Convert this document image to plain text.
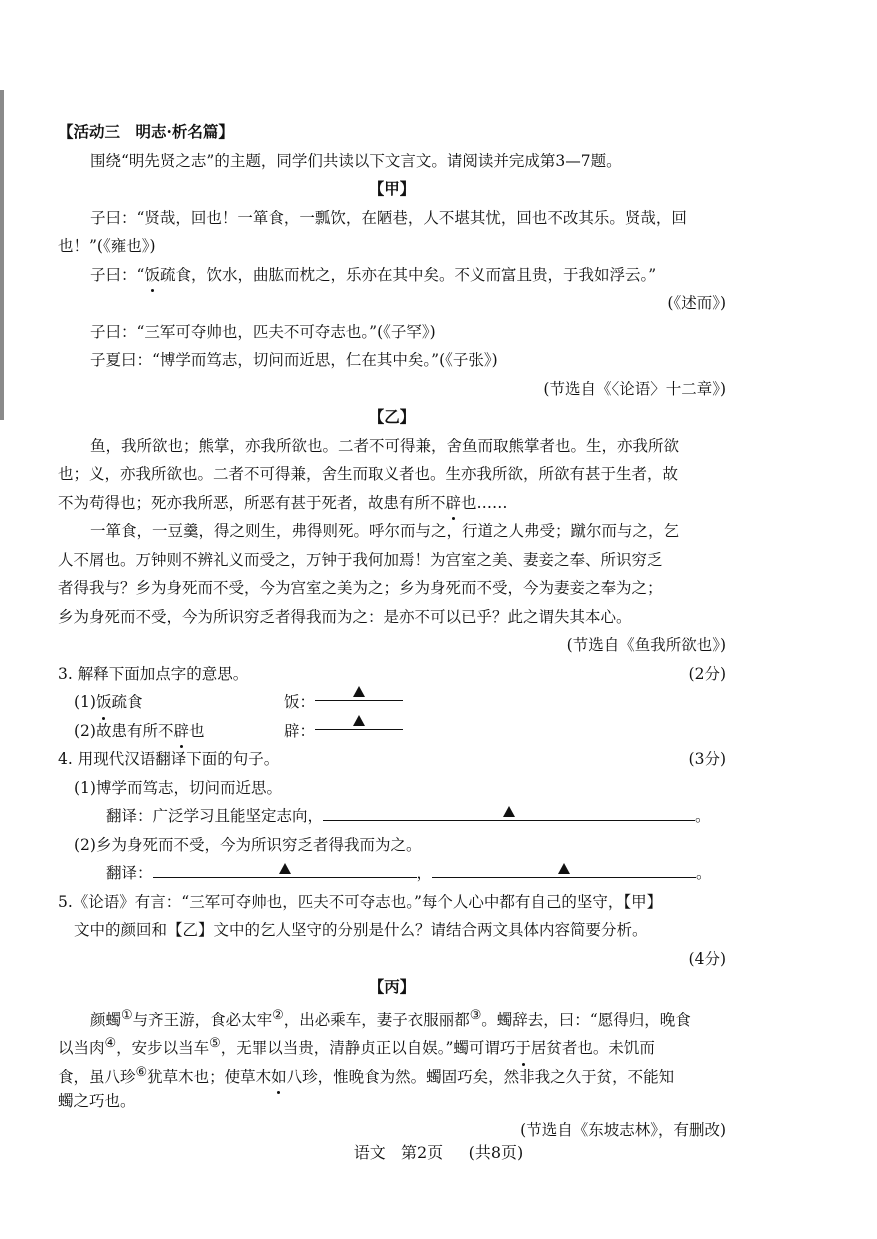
【活动三　明志·析名篇】
围绕“明先贤之志”的主题，同学们共读以下文言文。请阅读并完成第3—7题。
【甲】
子曰：“贤哉，回也！一箪食，一瓢饮，在陋巷，人不堪其忧，回也不改其乐。贤哉，回
也！”(《雍也》)
子曰：“饭疏食，饮水，曲肱而枕之，乐亦在其中矣。不义而富且贵，于我如浮云。”
(《述而》)
子曰：“三军可夺帅也，匹夫不可夺志也。”(《子罕》)
子夏曰：“博学而笃志，切问而近思，仁在其中矣。”(《子张》)
(节选自《〈论语〉十二章》)
【乙】
鱼，我所欲也；熊掌，亦我所欲也。二者不可得兼，舍鱼而取熊掌者也。生，亦我所欲
也；义，亦我所欲也。二者不可得兼，舍生而取义者也。生亦我所欲，所欲有甚于生者，故
不为苟得也；死亦我所恶，所恶有甚于死者，故患有所不辟也……
一箪食，一豆羹，得之则生，弗得则死。呼尔而与之，行道之人弗受；蹴尔而与之，乞
人不屑也。万钟则不辨礼义而受之，万钟于我何加焉！为宫室之美、妻妾之奉、所识穷乏
者得我与？乡为身死而不受，今为宫室之美为之；乡为身死而不受，今为妻妾之奉为之；
乡为身死而不受，今为所识穷乏者得我而为之：是亦不可以已乎？此之谓失其本心。
(节选自《鱼我所欲也》)
3. 解释下面加点字的意思。	(2分)
(1)饭疏食	饭：
(2)故患有所不辟也	辟：
4. 用现代汉语翻译下面的句子。	(3分)
(1)博学而笃志，切问而近思。
翻译：广泛学习且能坚定志向，	。
(2)乡为身死而不受，今为所识穷乏者得我而为之。
翻译：	，	。
5.《论语》有言：“三军可夺帅也，匹夫不可夺志也。”每个人心中都有自己的坚守，【甲】
文中的颜回和【乙】文中的乞人坚守的分别是什么？请结合两文具体内容简要分析。
(4分)
【丙】
颜蠋①与齐王游，食必太牢②，出必乘车，妻子衣服丽都③。蠋辞去，曰：“愿得归，晚食
以当肉④，安步以当车⑤，无罪以当贵，清静贞正以自娱。”蠋可谓巧于居贫者也。未饥而
食，虽八珍⑥犹草木也；使草木如八珍，惟晚食为然。蠋固巧矣，然非我之久于贫，不能知
蠋之巧也。
(节选自《东坡志林》，有删改)
语文 第2页 (共8页)
